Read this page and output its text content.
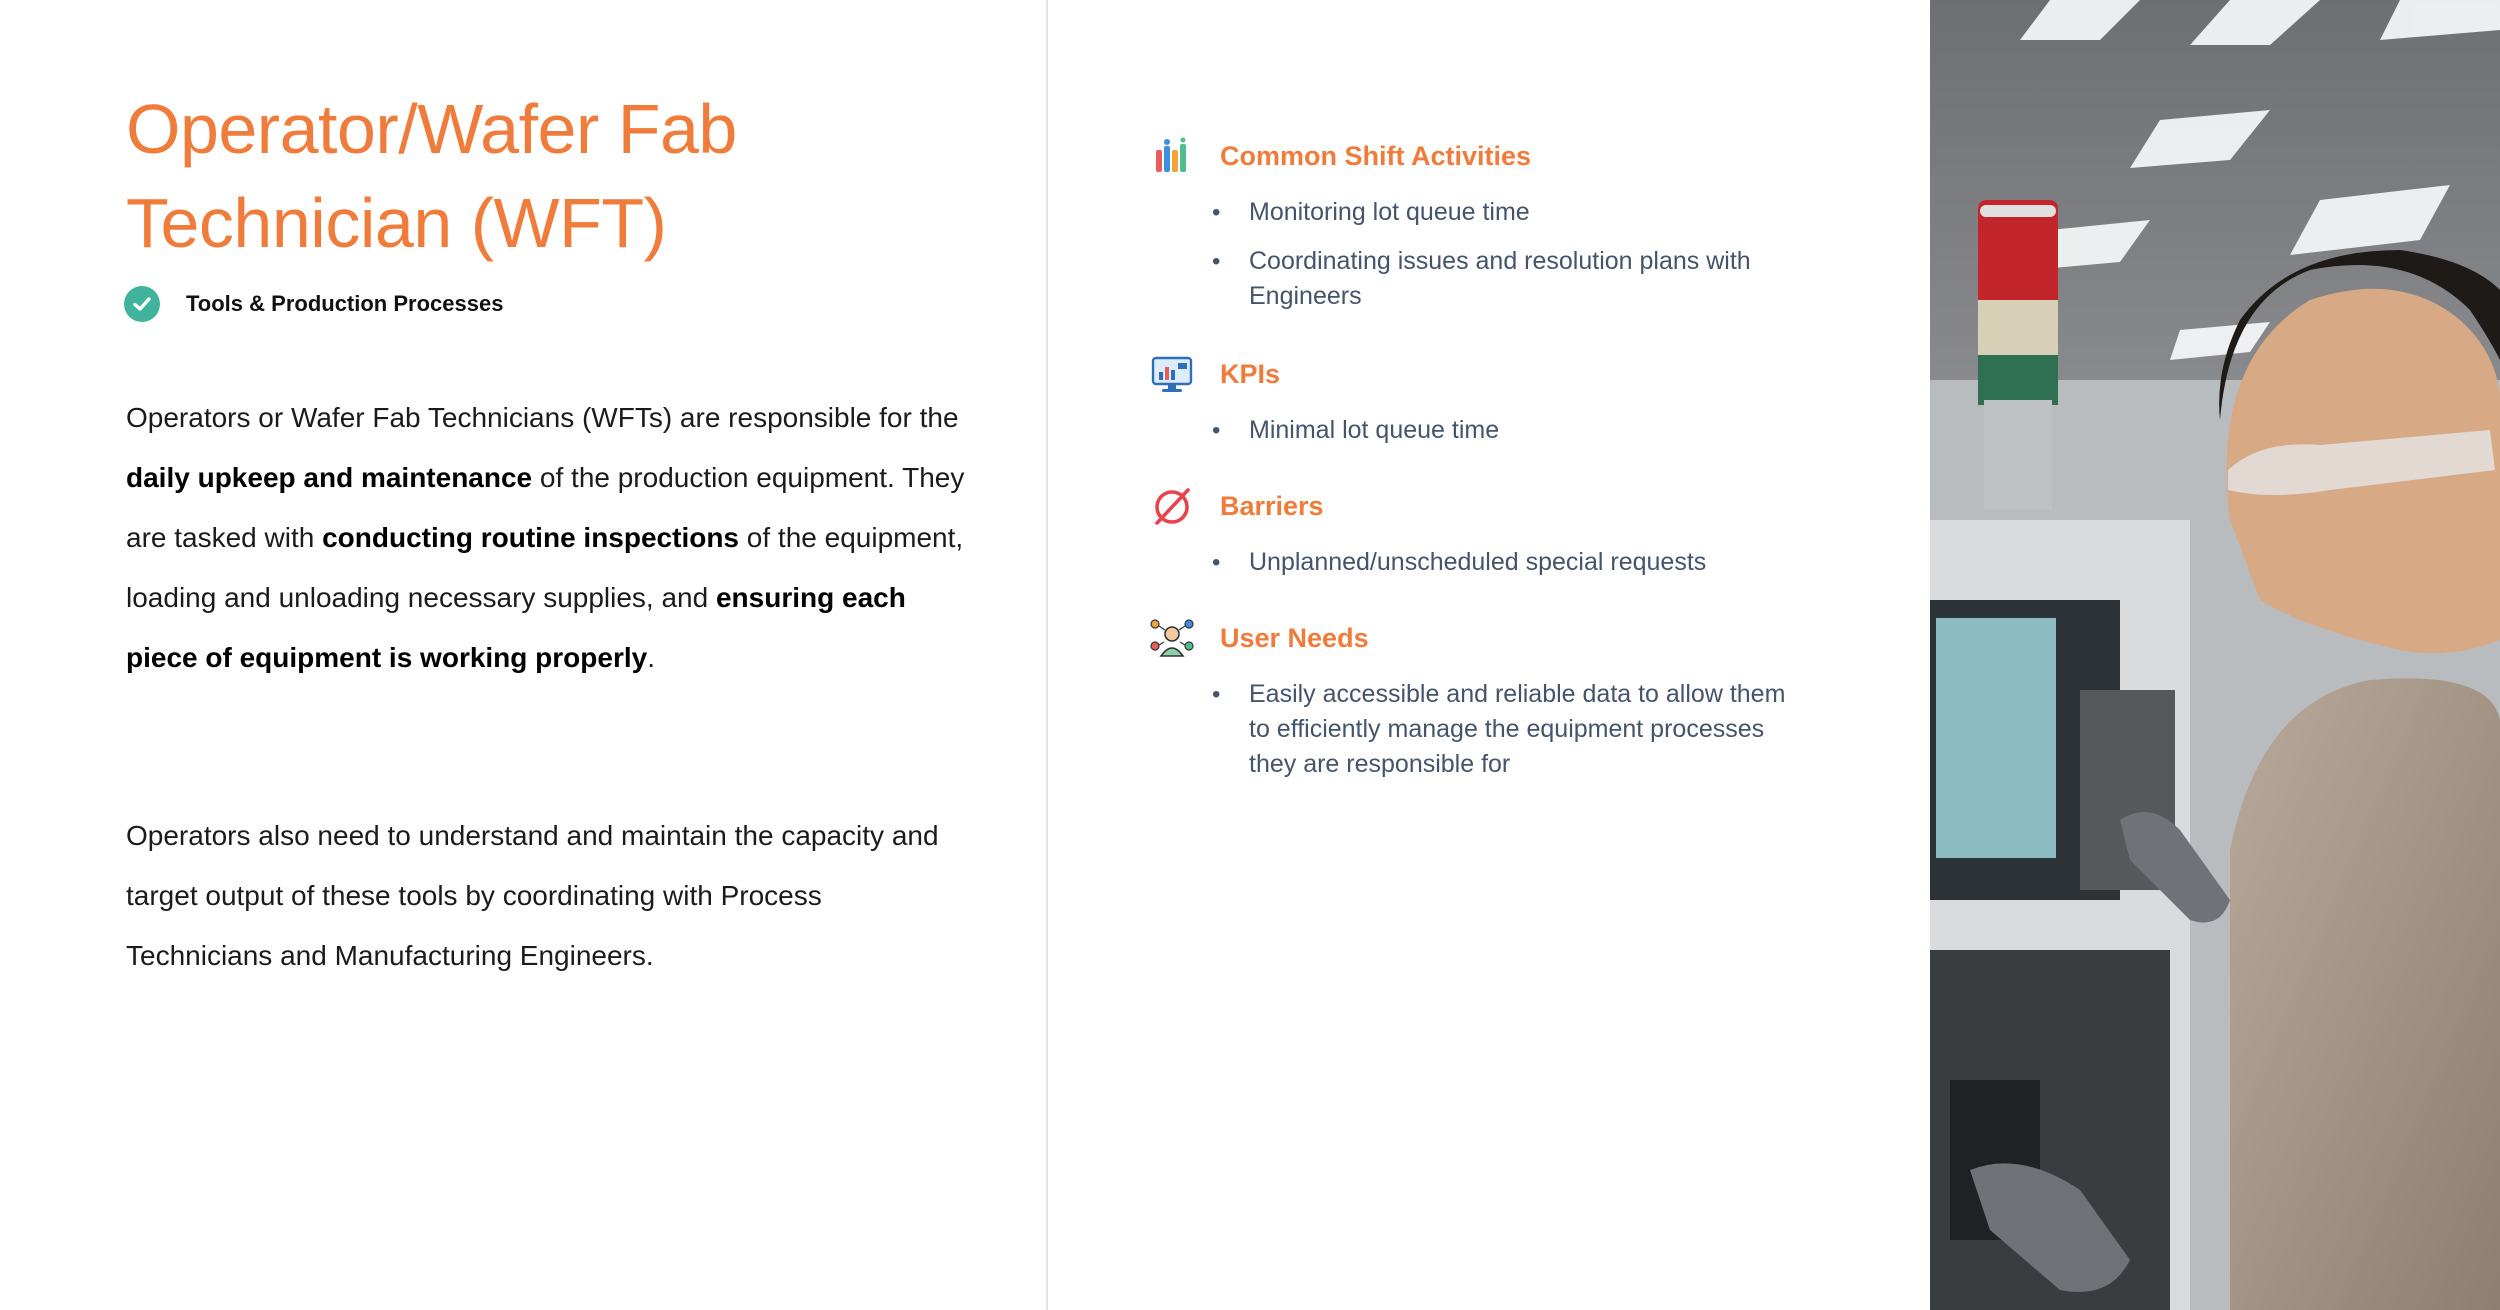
Operator/Wafer Fab Technician (WFT)
Tools & Production Processes

Operators or Wafer Fab Technicians (WFTs) are responsible for the daily upkeep and maintenance of the production equipment. They are tasked with conducting routine inspections of the equipment, loading and unloading necessary supplies, and ensuring each piece of equipment is working properly.

Operators also need to understand and maintain the capacity and target output of these tools by coordinating with Process Technicians and Manufacturing Engineers.

Common Shift Activities
• Monitoring lot queue time
• Coordinating issues and resolution plans with Engineers
KPIs
• Minimal lot queue time
Barriers
• Unplanned/unscheduled special requests
User Needs
• Easily accessible and reliable data to allow them to efficiently manage the equipment processes they are responsible for
